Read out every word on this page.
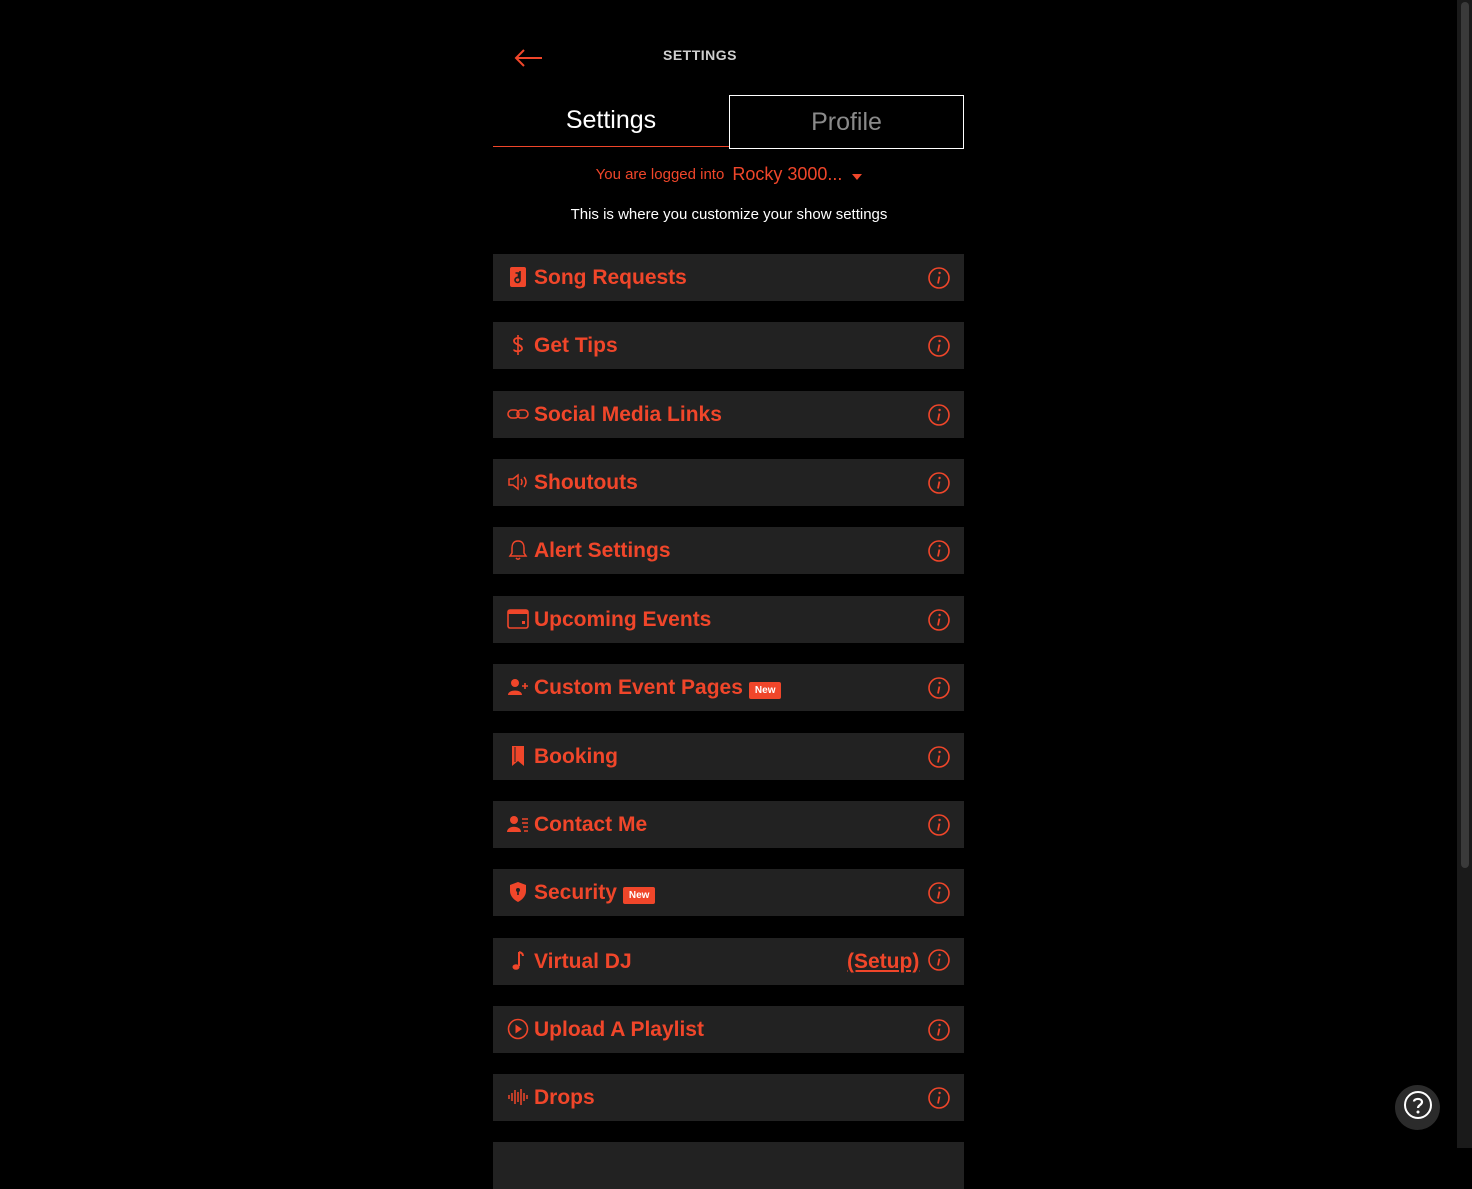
SETTINGS
Settings	Profile
You are logged into Rocky 3000...
This is where you customize your show settings
Song Requests
Get Tips
Social Media Links
Shoutouts
Alert Settings
Upcoming Events
Custom Event Pages	New
Booking
Contact Me
Security	New
Virtual DJ	(Setup)
Upload A Playlist
Drops
